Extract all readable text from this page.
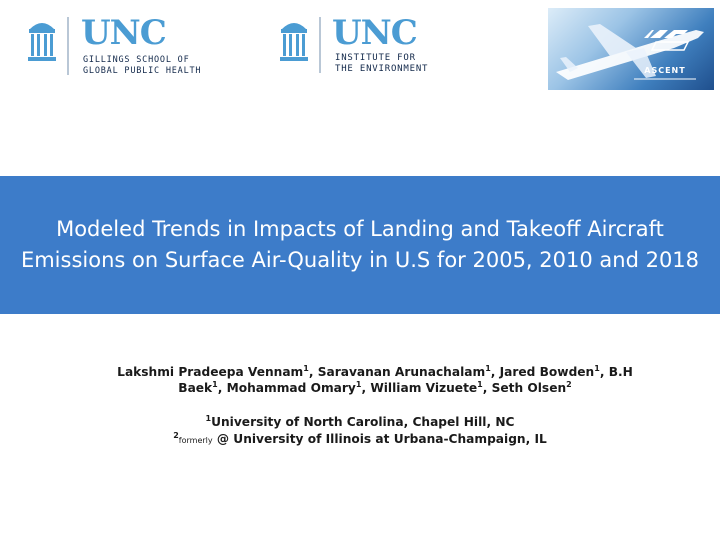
UNC
GILLINGS SCHOOL OF
GLOBAL PUBLIC HEALTH
UNC
INSTITUTE FOR
THE ENVIRONMENT	ASCENT
Modeled Trends in Impacts of Landing and Takeoff Aircraft Emissions on Surface Air-Quality in U.S for 2005, 2010 and 2018

Lakshmi Pradeepa Vennam$^1$, Saravanan Arunachalam$^1$, Jared Bowden$^1$, B.H Baek$^1$, Mohammad Omary$^1$, William Vizuete$^1$, Seth Olsen$^2$

$^1$University of North Carolina, Chapel Hill, NC

$^2$formerly @ University of Illinois at Urbana-Champaign, IL
